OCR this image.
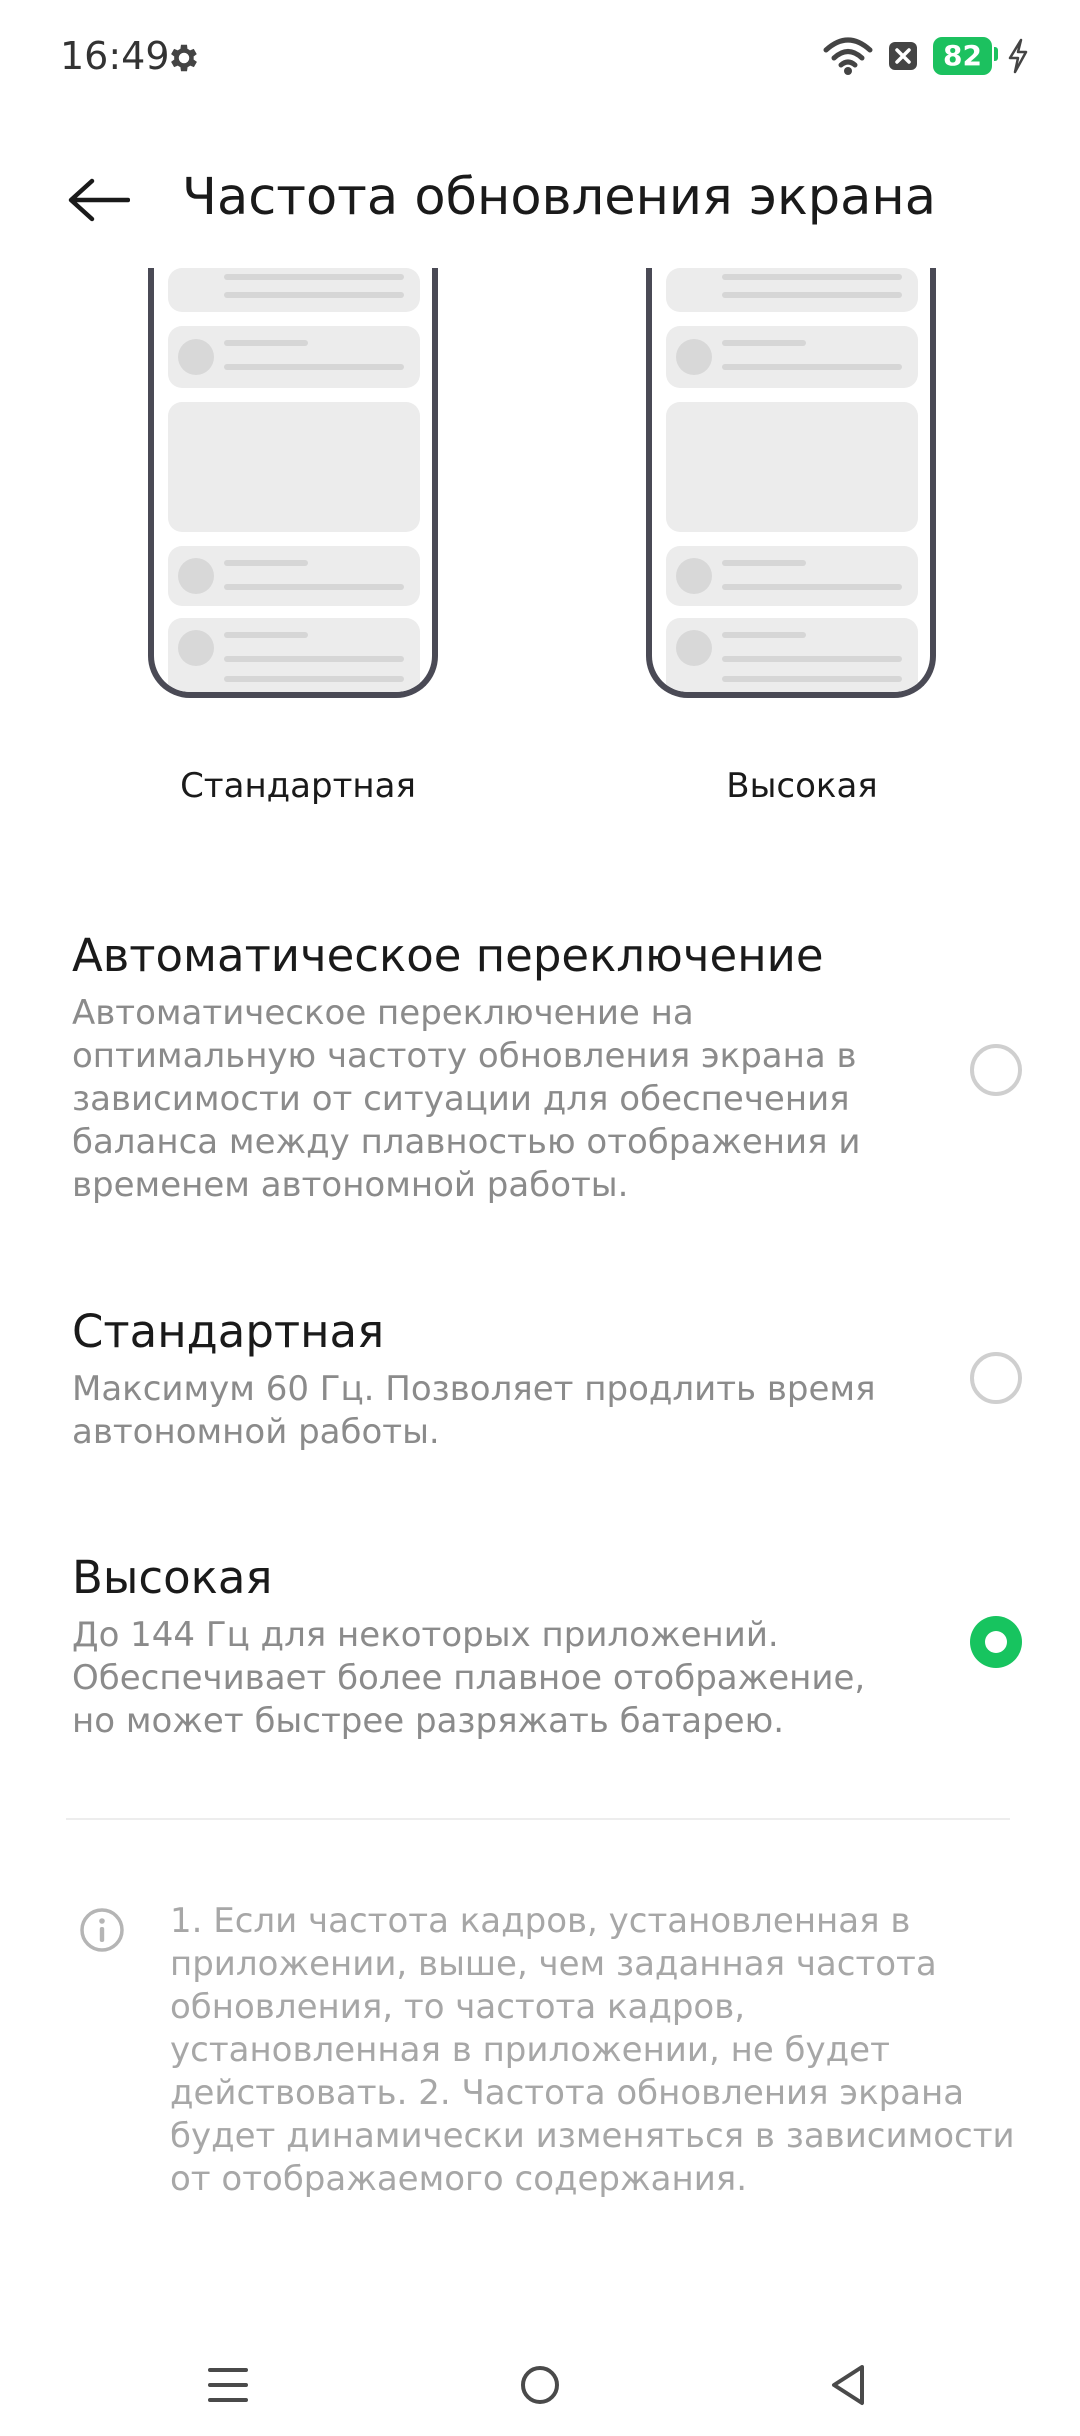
16:49	82
Частота обновления экрана
Стандартная	Высокая
Автоматическое переключение
Автоматическое переключение на оптимальную частоту обновления экрана в зависимости от ситуации для обеспечения баланса между плавностью отображения и временем автономной работы.
Стандартная
Максимум 60 Гц. Позволяет продлить время автономной работы.
Высокая
До 144 Гц для некоторых приложений. Обеспечивает более плавное отображение, но может быстрее разряжать батарею.
1. Если частота кадров, установленная в приложении, выше, чем заданная частота обновления, то частота кадров, установленная в приложении, не будет действовать. 2. Частота обновления экрана будет динамически изменяться в зависимости от отображаемого содержания.
